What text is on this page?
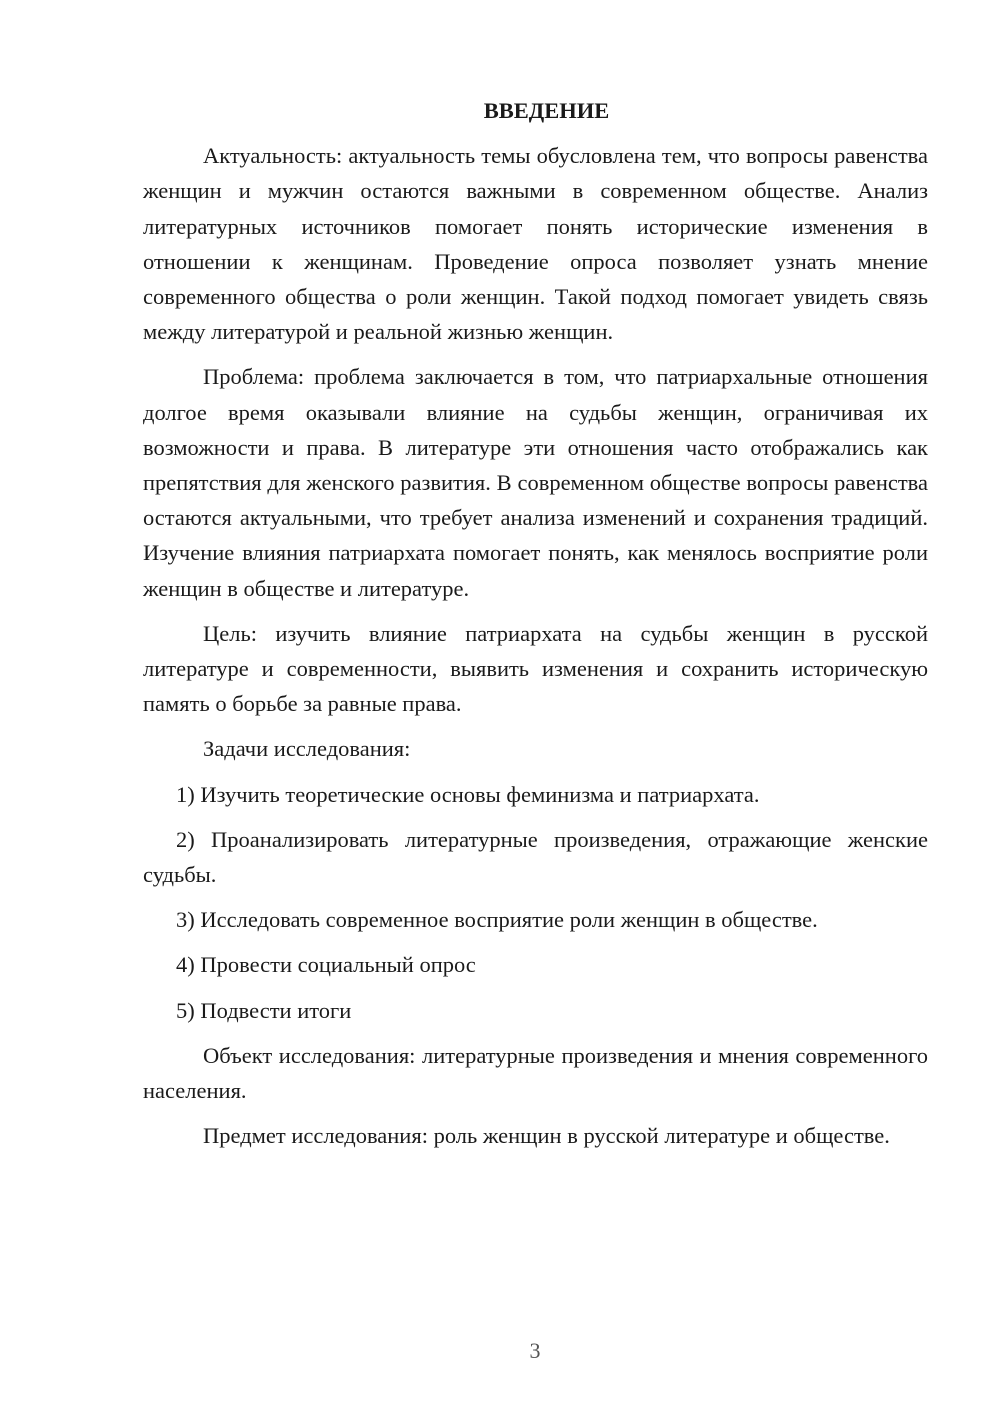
ВВЕДЕНИЕ

Актуальность: актуальность темы обусловлена тем, что вопросы равенства женщин и мужчин остаются важными в современном обществе. Анализ литературных источников помогает понять исторические изменения в отношении к женщинам. Проведение опроса позволяет узнать мнение современного общества о роли женщин. Такой подход помогает увидеть связь между литературой и реальной жизнью женщин.

Проблема: проблема заключается в том, что патриархальные отношения долгое время оказывали влияние на судьбы женщин, ограничивая их возможности и права. В литературе эти отношения часто отображались как препятствия для женского развития. В современном обществе вопросы равенства остаются актуальными, что требует анализа изменений и сохранения традиций. Изучение влияния патриархата помогает понять, как менялось восприятие роли женщин в обществе и литературе.

Цель: изучить влияние патриархата на судьбы женщин в русской литературе и современности, выявить изменения и сохранить историческую память о борьбе за равные права.

Задачи исследования:

1) Изучить теоретические основы феминизма и патриархата.

2) Проанализировать литературные произведения, отражающие женские судьбы.

3) Исследовать современное восприятие роли женщин в обществе.

4) Провести социальный опрос

5) Подвести итоги

Объект исследования: литературные произведения и мнения современного населения.

Предмет исследования: роль женщин в русской литературе и обществе.

3
